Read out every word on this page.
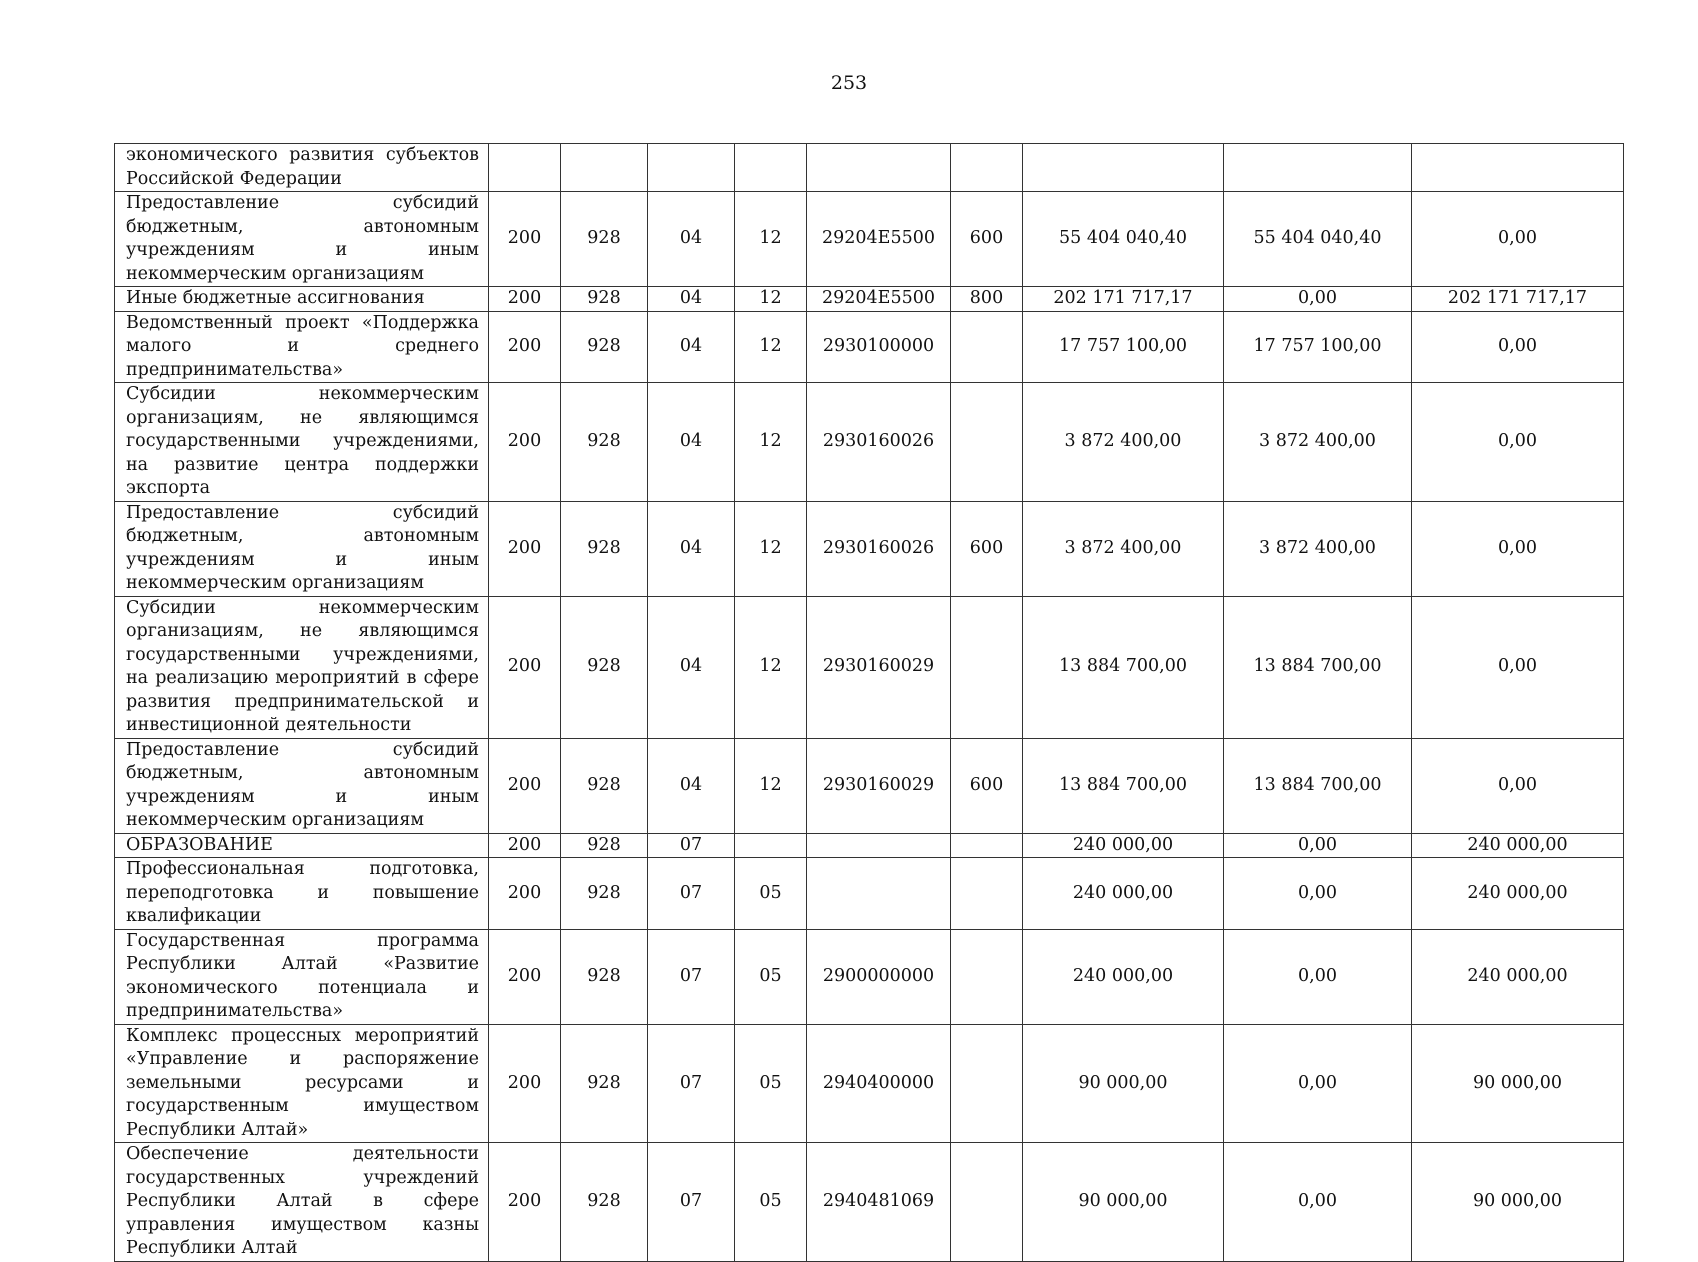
253
экономического развития субъектов Российской Федерации									
Предоставление субсидий бюджетным, автономным учреждениям и иным некоммерческим организациям	200	928	04	12	29204E5500	600	55 404 040,40	55 404 040,40	0,00
Иные бюджетные ассигнования	200	928	04	12	29204E5500	800	202 171 717,17	0,00	202 171 717,17
Ведомственный проект «Поддержка малого и среднего предпринимательства»	200	928	04	12	2930100000		17 757 100,00	17 757 100,00	0,00
Субсидии некоммерческим организациям, не являющимся государственными учреждениями, на развитие центра поддержки экспорта	200	928	04	12	2930160026		3 872 400,00	3 872 400,00	0,00
Предоставление субсидий бюджетным, автономным учреждениям и иным некоммерческим организациям	200	928	04	12	2930160026	600	3 872 400,00	3 872 400,00	0,00
Субсидии некоммерческим организациям, не являющимся государственными учреждениями, на реализацию мероприятий в сфере развития предпринимательской и инвестиционной деятельности	200	928	04	12	2930160029		13 884 700,00	13 884 700,00	0,00
Предоставление субсидий бюджетным, автономным учреждениям и иным некоммерческим организациям	200	928	04	12	2930160029	600	13 884 700,00	13 884 700,00	0,00
ОБРАЗОВАНИЕ	200	928	07				240 000,00	0,00	240 000,00
Профессиональная подготовка, переподготовка и повышение квалификации	200	928	07	05			240 000,00	0,00	240 000,00
Государственная программа Республики Алтай «Развитие экономического потенциала и предпринимательства»	200	928	07	05	2900000000		240 000,00	0,00	240 000,00
Комплекс процессных мероприятий «Управление и распоряжение земельными ресурсами и государственным имуществом Республики Алтай»	200	928	07	05	2940400000		90 000,00	0,00	90 000,00
Обеспечение деятельности государственных учреждений Республики Алтай в сфере управления имуществом казны Республики Алтай	200	928	07	05	2940481069		90 000,00	0,00	90 000,00
